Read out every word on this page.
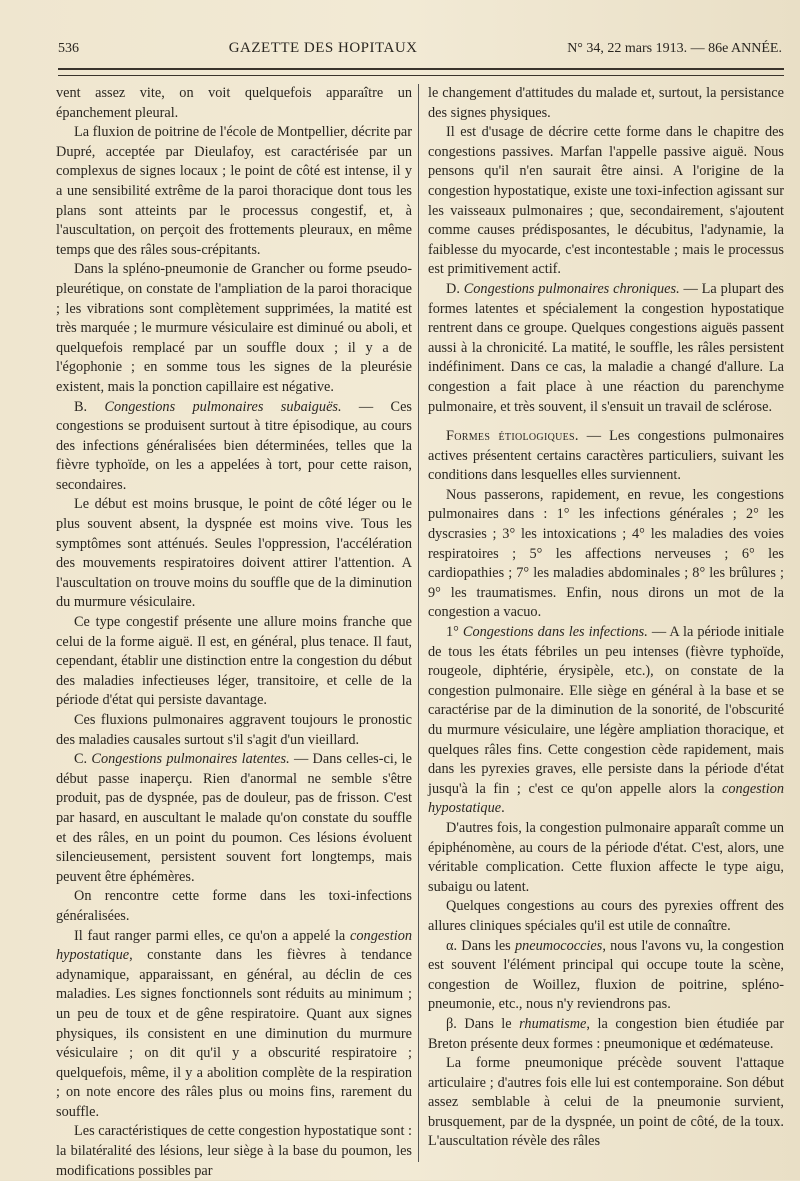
536	GAZETTE DES HOPITAUX	N° 34, 22 mars 1913. — 86e ANNÉE.

vent assez vite, on voit quelquefois apparaître un épanchement pleural.

La fluxion de poitrine de l'école de Montpellier, décrite par Dupré, acceptée par Dieulafoy, est caractérisée par un complexus de signes locaux ; le point de côté est intense, il y a une sensibilité extrême de la paroi thoracique dont tous les plans sont atteints par le processus congestif, et, à l'auscultation, on perçoit des frottements pleuraux, en même temps que des râles sous-crépitants.

Dans la spléno-pneumonie de Grancher ou forme pseudo-pleurétique, on constate de l'ampliation de la paroi thoracique ; les vibrations sont complètement supprimées, la matité est très marquée ; le murmure vésiculaire est diminué ou aboli, et quelquefois remplacé par un souffle doux ; il y a de l'égophonie ; en somme tous les signes de la pleurésie existent, mais la ponction capillaire est négative.

B. Congestions pulmonaires subaiguës. — Ces congestions se produisent surtout à titre épisodique, au cours des infections généralisées bien déterminées, telles que la fièvre typhoïde, on les a appelées à tort, pour cette raison, secondaires.

Le début est moins brusque, le point de côté léger ou le plus souvent absent, la dyspnée est moins vive. Tous les symptômes sont atténués. Seules l'oppression, l'accélération des mouvements respiratoires doivent attirer l'attention. A l'auscultation on trouve moins du souffle que de la diminution du murmure vésiculaire.

Ce type congestif présente une allure moins franche que celui de la forme aiguë. Il est, en général, plus tenace. Il faut, cependant, établir une distinction entre la congestion du début des maladies infectieuses léger, transitoire, et celle de la période d'état qui persiste davantage.

Ces fluxions pulmonaires aggravent toujours le pronostic des maladies causales surtout s'il s'agit d'un vieillard.

C. Congestions pulmonaires latentes. — Dans celles-ci, le début passe inaperçu. Rien d'anormal ne semble s'être produit, pas de dyspnée, pas de douleur, pas de frisson. C'est par hasard, en auscultant le malade qu'on constate du souffle et des râles, en un point du poumon. Ces lésions évoluent silencieusement, persistent souvent fort longtemps, mais peuvent être éphémères.

On rencontre cette forme dans les toxi-infections généralisées.

Il faut ranger parmi elles, ce qu'on a appelé la congestion hypostatique, constante dans les fièvres à tendance adynamique, apparaissant, en général, au déclin de ces maladies. Les signes fonctionnels sont réduits au minimum ; un peu de toux et de gêne respiratoire. Quant aux signes physiques, ils consistent en une diminution du murmure vésiculaire ; on dit qu'il y a obscurité respiratoire ; quelquefois, même, il y a abolition complète de la respiration ; on note encore des râles plus ou moins fins, rarement du souffle.

Les caractéristiques de cette congestion hypostatique sont : la bilatéralité des lésions, leur siège à la base du poumon, les modifications possibles par

le changement d'attitudes du malade et, surtout, la persistance des signes physiques.

Il est d'usage de décrire cette forme dans le chapitre des congestions passives. Marfan l'appelle passive aiguë. Nous pensons qu'il n'en saurait être ainsi. A l'origine de la congestion hypostatique, existe une toxi-infection agissant sur les vaisseaux pulmonaires ; que, secondairement, s'ajoutent comme causes prédisposantes, le décubitus, l'adynamie, la faiblesse du myocarde, c'est incontestable ; mais le processus est primitivement actif.

D. Congestions pulmonaires chroniques. — La plupart des formes latentes et spécialement la congestion hypostatique rentrent dans ce groupe. Quelques congestions aiguës passent aussi à la chronicité. La matité, le souffle, les râles persistent indéfiniment. Dans ce cas, la maladie a changé d'allure. La congestion a fait place à une réaction du parenchyme pulmonaire, et très souvent, il s'ensuit un travail de sclérose.

Formes étiologiques. — Les congestions pulmonaires actives présentent certains caractères particuliers, suivant les conditions dans lesquelles elles surviennent.

Nous passerons, rapidement, en revue, les congestions pulmonaires dans : 1° les infections générales ; 2° les dyscrasies ; 3° les intoxications ; 4° les maladies des voies respiratoires ; 5° les affections nerveuses ; 6° les cardiopathies ; 7° les maladies abdominales ; 8° les brûlures ; 9° les traumatismes. Enfin, nous dirons un mot de la congestion a vacuo.

1° Congestions dans les infections. — A la période initiale de tous les états fébriles un peu intenses (fièvre typhoïde, rougeole, diphtérie, érysipèle, etc.), on constate de la congestion pulmonaire. Elle siège en général à la base et se caractérise par de la diminution de la sonorité, de l'obscurité du murmure vésiculaire, une légère ampliation thoracique, et quelques râles fins. Cette congestion cède rapidement, mais dans les pyrexies graves, elle persiste dans la période d'état jusqu'à la fin ; c'est ce qu'on appelle alors la congestion hypostatique.

D'autres fois, la congestion pulmonaire apparaît comme un épiphénomène, au cours de la période d'état. C'est, alors, une véritable complication. Cette fluxion affecte le type aigu, subaigu ou latent.

Quelques congestions au cours des pyrexies offrent des allures cliniques spéciales qu'il est utile de connaître.

α. Dans les pneumococcies, nous l'avons vu, la congestion est souvent l'élément principal qui occupe toute la scène, congestion de Woillez, fluxion de poitrine, spléno-pneumonie, etc., nous n'y reviendrons pas.

β. Dans le rhumatisme, la congestion bien étudiée par Breton présente deux formes : pneumonique et œdémateuse.

La forme pneumonique précède souvent l'attaque articulaire ; d'autres fois elle lui est contemporaine. Son début assez semblable à celui de la pneumonie survient, brusquement, par de la dyspnée, un point de côté, de la toux. L'auscultation révèle des râles
